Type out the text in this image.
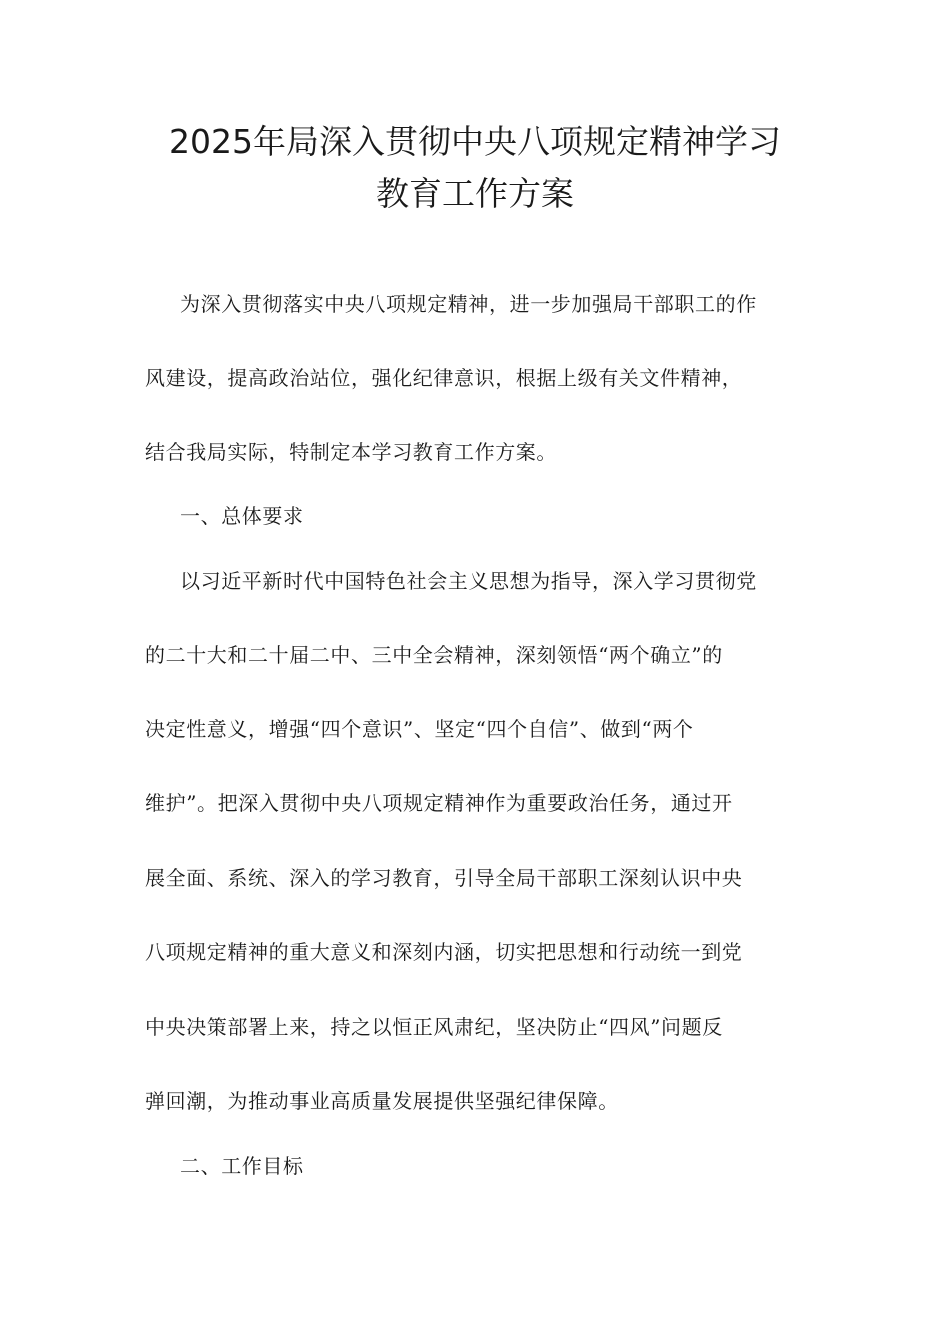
2025年局深入贯彻中央八项规定精神学习
教育工作方案
为深入贯彻落实中央八项规定精神，进一步加强局干部职工的作
风建设，提高政治站位，强化纪律意识，根据上级有关文件精神，
结合我局实际，特制定本学习教育工作方案。
一、总体要求
以习近平新时代中国特色社会主义思想为指导，深入学习贯彻党
的二十大和二十届二中、三中全会精神，深刻领悟“两个确立”的
决定性意义，增强“四个意识”、坚定“四个自信”、做到“两个
维护”。把深入贯彻中央八项规定精神作为重要政治任务，通过开
展全面、系统、深入的学习教育，引导全局干部职工深刻认识中央
八项规定精神的重大意义和深刻内涵，切实把思想和行动统一到党
中央决策部署上来，持之以恒正风肃纪，坚决防止“四风”问题反
弹回潮，为推动事业高质量发展提供坚强纪律保障。
二、工作目标
